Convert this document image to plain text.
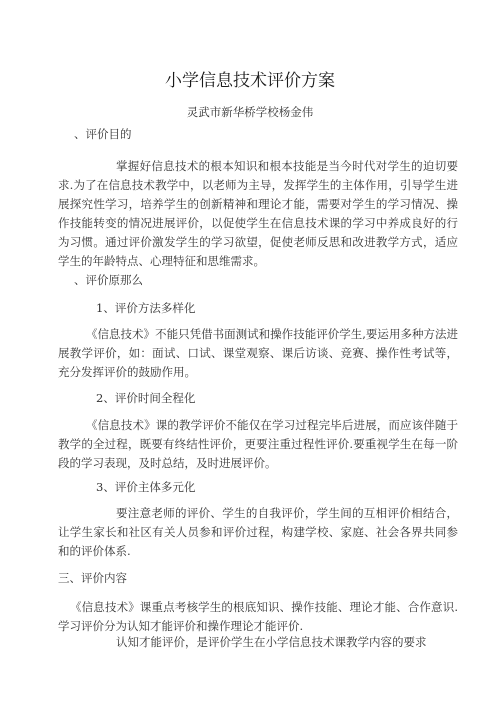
小学信息技术评价方案
灵武市新华桥学校杨金伟
、评价目的
掌握好信息技术的根本知识和根本技能是当今时代对学生的迫切要求.为了在信息技术教学中，以老师为主导，发挥学生的主体作用，引导学生进展探究性学习，培养学生的创新精神和理论才能，需要对学生的学习情况、操作技能转变的情况进展评价，以促使学生在信息技术课的学习中养成良好的行为习惯。通过评价激发学生的学习欲望，促使老师反思和改进教学方式，适应学生的年龄特点、心理特征和思维需求。
、评价原那么
1、评价方法多样化
《信息技术》不能只凭借书面测试和操作技能评价学生,要运用多种方法进展教学评价，如：面试、口试、课堂观察、课后访谈、竞赛、操作性考试等，充分发挥评价的鼓励作用。
2、评价时间全程化
《信息技术》课的教学评价不能仅在学习过程完毕后进展，而应该伴随于教学的全过程，既要有终结性评价，更要注重过程性评价.要重视学生在每一阶段的学习表现，及时总结，及时进展评价。
3、评价主体多元化
要注意老师的评价、学生的自我评价，学生间的互相评价相结合，让学生家长和社区有关人员参和评价过程，构建学校、家庭、社会各界共同参和的评价体系.
三、评价内容
《信息技术》课重点考核学生的根底知识、操作技能、理论才能、合作意识.学习评价分为认知才能评价和操作理论才能评价.
认知才能评价，是评价学生在小学信息技术课教学内容的要求
